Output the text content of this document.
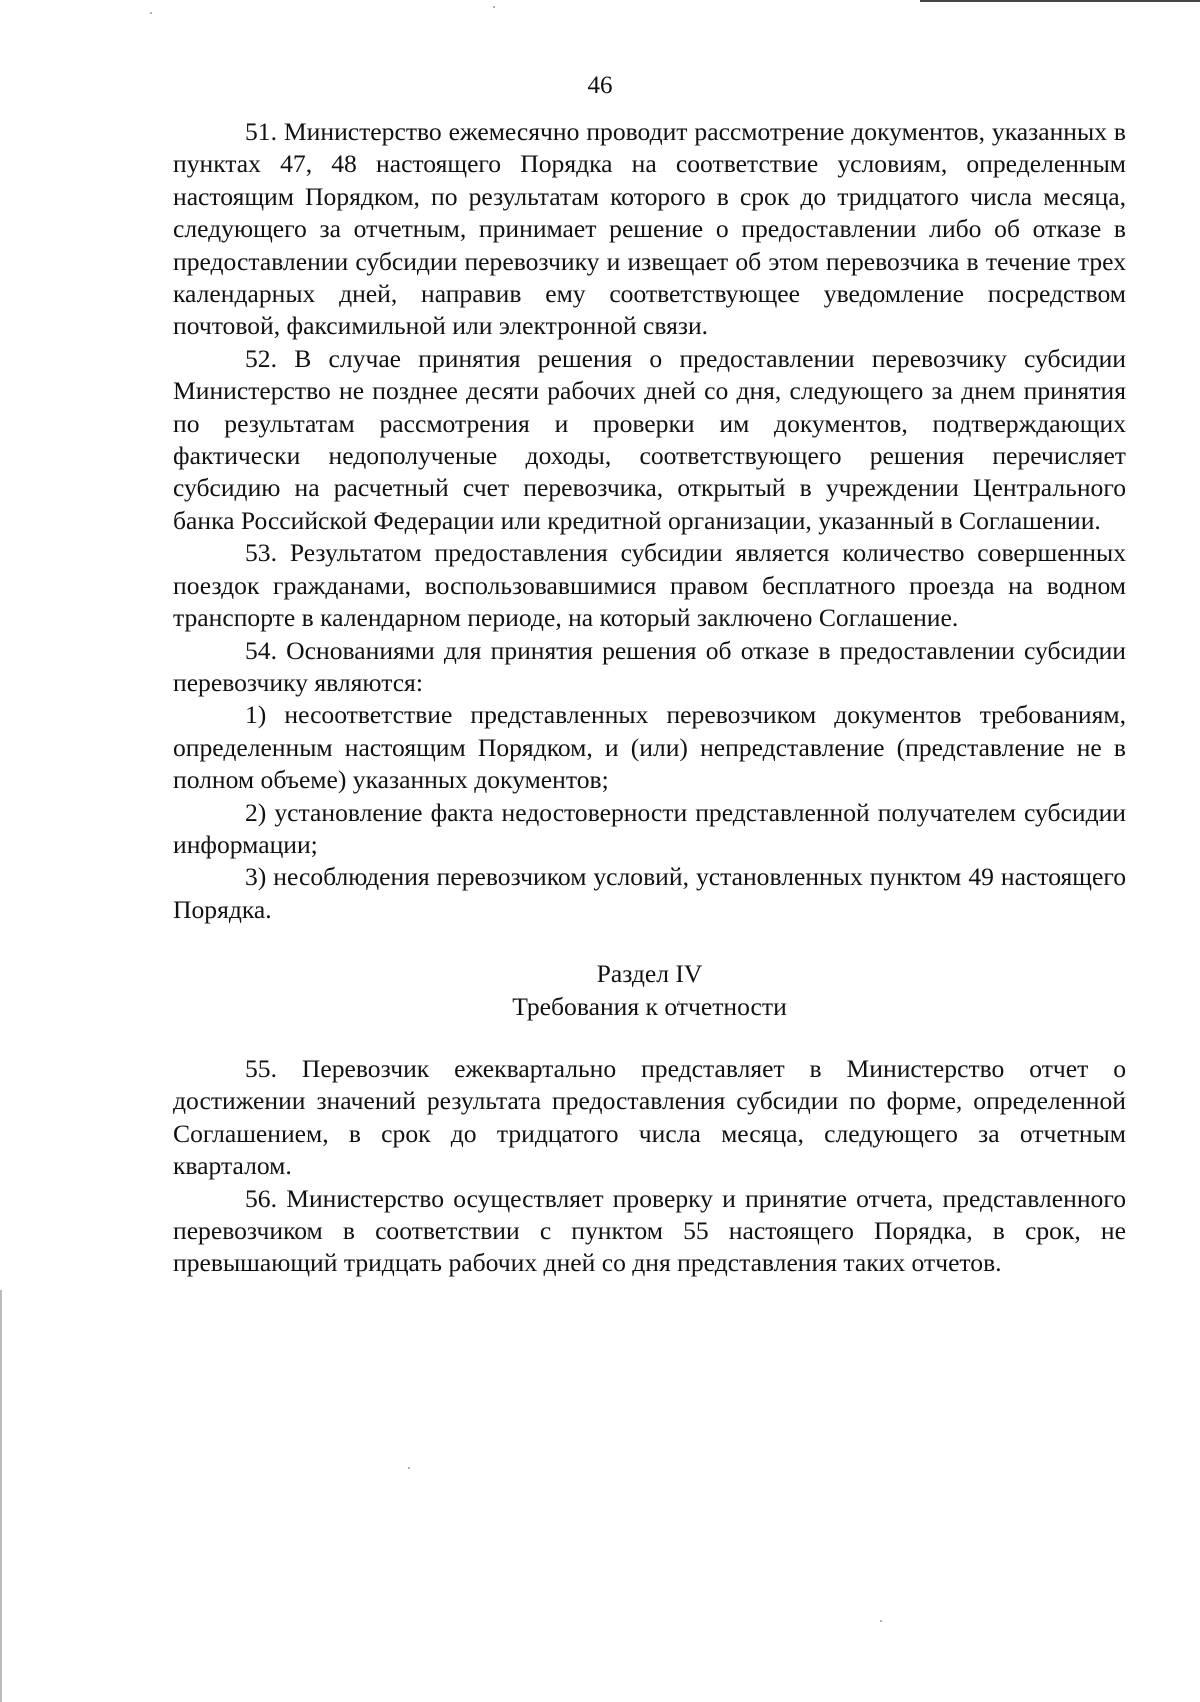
46

51. Министерство ежемесячно проводит рассмотрение документов, указанных в пунктах 47, 48 настоящего Порядка на соответствие условиям, определенным настоящим Порядком, по результатам которого в срок до тридцатого числа месяца, следующего за отчетным, принимает решение о предоставлении либо об отказе в предоставлении субсидии перевозчику и извещает об этом перевозчика в течение трех календарных дней, направив ему соответствующее уведомление посредством почтовой, факсимильной или электронной связи.

52. В случае принятия решения о предоставлении перевозчику субсидии Министерство не позднее десяти рабочих дней со дня, следующего за днем принятия по результатам рассмотрения и проверки им документов, подтверждающих фактически недополученые доходы, соответствующего решения перечисляет субсидию на расчетный счет перевозчика, открытый в учреждении Центрального банка Российской Федерации или кредитной организации, указанный в Соглашении.

53. Результатом предоставления субсидии является количество совершенных поездок гражданами, воспользовавшимися правом бесплатного проезда на водном транспорте в календарном периоде, на который заключено Соглашение.

54. Основаниями для принятия решения об отказе в предоставлении субсидии перевозчику являются:

1) несоответствие представленных перевозчиком документов требованиям, определенным настоящим Порядком, и (или) непредставление (представление не в полном объеме) указанных документов;

2) установление факта недостоверности представленной получателем субсидии информации;

3) несоблюдения перевозчиком условий, установленных пунктом 49 настоящего Порядка.

Раздел IV

Требования к отчетности

55. Перевозчик ежеквартально представляет в Министерство отчет о достижении значений результата предоставления субсидии по форме, определенной Соглашением, в срок до тридцатого числа месяца, следующего за отчетным кварталом.

56. Министерство осуществляет проверку и принятие отчета, представленного перевозчиком в соответствии с пунктом 55 настоящего Порядка, в срок, не превышающий тридцать рабочих дней со дня представления таких отчетов.
